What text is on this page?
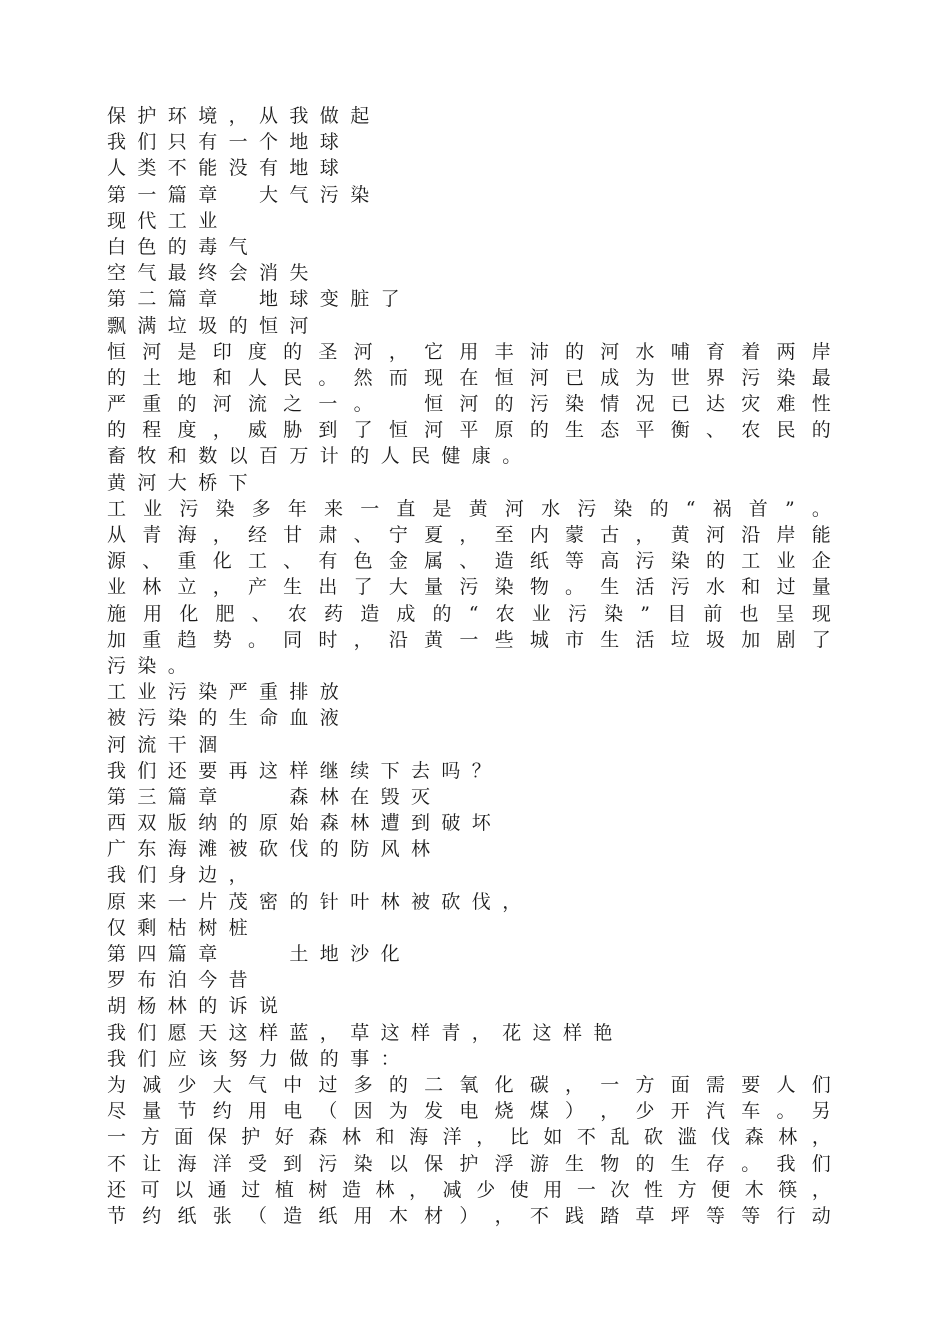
保护环境，从我做起
我们只有一个地球
人类不能没有地球
第一篇章　大气污染
现代工业
白色的毒气
空气最终会消失
第二篇章　地球变脏了
飘满垃圾的恒河
恒 河 是 印 度 的 圣 河 ， 它 用 丰 沛 的 河 水 哺 育 着 两 岸
的 土 地 和 人 民 。 然 而 现 在 恒 河 已 成 为 世 界 污 染 最
严 重 的 河 流 之 一 。
　	恒 河 的 污 染 情 况 已 达 灾 难 性
的 程 度 ， 威 胁 到 了 恒 河 平 原 的 生 态 平 衡 、 农 民 的
畜牧和数以百万计的人民健康。
黄河大桥下
工 业 污 染 多 年 来 一 直 是 黄 河 水 污 染 的 “ 祸 首 ” 。
从 青 海 ， 经 甘 肃 、 宁 夏 ， 至 内 蒙 古 ， 黄 河 沿 岸 能
源 、 重 化 工 、 有 色 金 属 、 造 纸 等 高 污 染 的 工 业 企
业 林 立 ， 产 生 出 了 大 量 污 染 物 。 生 活 污 水 和 过 量
施 用 化 肥 、 农 药 造 成 的 “ 农 业 污 染 ” 目 前 也 呈 现
加 重 趋 势 。 同 时 ， 沿 黄 一 些 城 市 生 活 垃 圾 加 剧 了
污染。
工业污染严重排放
被污染的生命血液
河流干涸
我们还要再这样继续下去吗？
第三篇章　　森林在毁灭
西双版纳的原始森林遭到破坏
广东海滩被砍伐的防风林
我们身边，
原来一片茂密的针叶林被砍伐，
仅剩枯树桩
第四篇章　　土地沙化
罗布泊今昔
胡杨林的诉说
我们愿天这样蓝，草这样青，花这样艳
我们应该努力做的事：
为 减 少 大 气 中 过 多 的 二 氧 化 碳 ， 一 方 面 需 要 人 们
尽 量 节 约 用 电 （ 因 为 发 电 烧 煤 ） ， 少 开 汽 车 。 另
一 方 面 保 护 好 森 林 和 海 洋 ， 比 如 不 乱 砍 滥 伐 森 林 ，
不 让 海 洋 受 到 污 染 以 保 护 浮 游 生 物 的 生 存 。 我 们
还 可 以 通 过 植 树 造 林 ， 减 少 使 用 一 次 性 方 便 木 筷 ，
节 约 纸 张 （ 造 纸 用 木 材 ） ， 不 践 踏 草 坪 等 等 行 动
